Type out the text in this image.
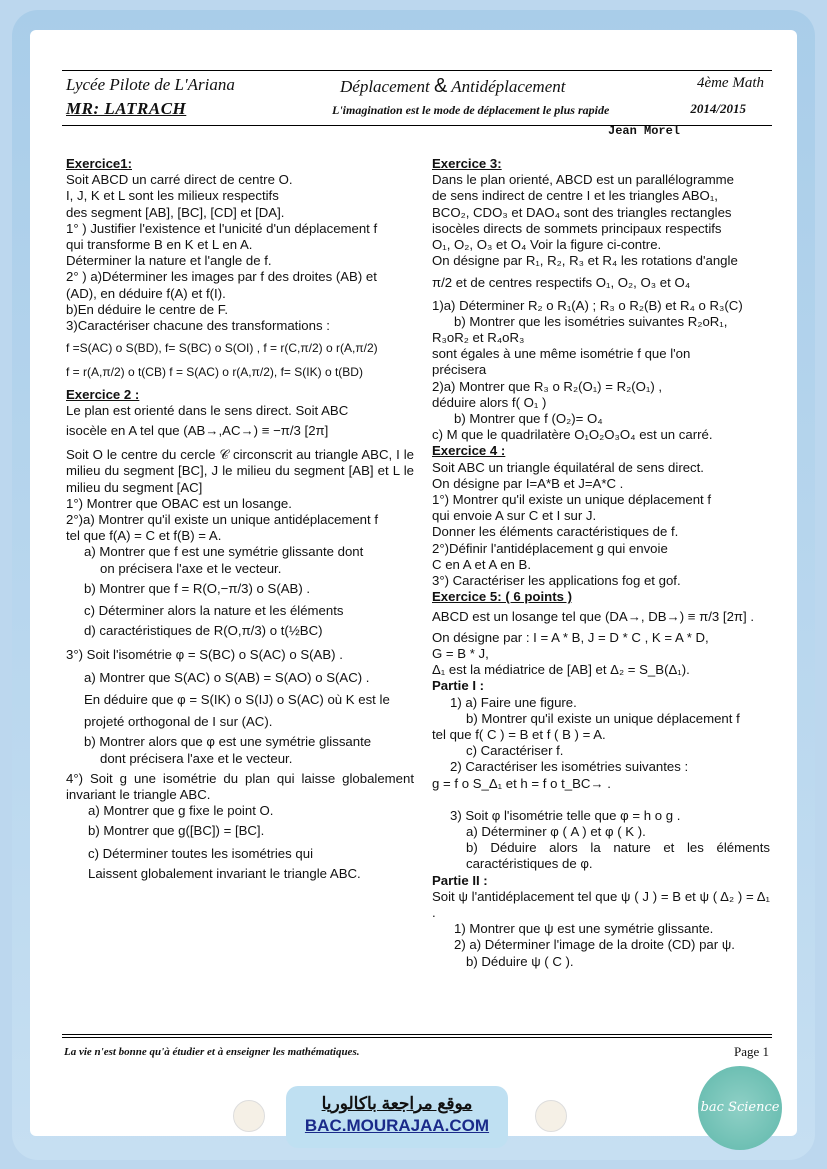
Lycée Pilote de L'Ariana	Déplacement & Antidéplacement	4ème Math
MR: LATRACH	L'imagination est le mode de déplacement le plus rapide	2014/2015
Jean Morel
Exercice1:
Soit ABCD un carré direct de centre O.
I, J, K et L sont les milieux respectifs
des segment [AB], [BC], [CD] et [DA].
1° ) Justifier l'existence et l'unicité d'un déplacement f
qui transforme B en K et L en A.
Déterminer la nature et l'angle de f.
2° ) a)Déterminer les images par f des droites (AB) et
(AD), en déduire f(A) et f(I).
b)En déduire le centre de F.
3)Caractériser chacune des transformations :
f =S(AC) o S(BD), f= S(BC) o S(OI) , f = r(C,π/2) o r(A,π/2)
f = r(A,π/2) o t(CB) f = S(AC) o r(A,π/2), f= S(IK) o t(BD)
Exercice 2 :
Le plan est orienté dans le sens direct. Soit ABC
isocèle en A tel que (AB→,AC→) ≡ −π/3 [2π]
Soit O le centre du cercle 𝒞 circonscrit au triangle ABC, I le milieu du segment [BC], J le milieu du segment [AB] et L le milieu du segment [AC]
1°) Montrer que OBAC est un losange.
2°)a) Montrer qu'il existe un unique antidéplacement f
tel que f(A) = C et f(B) = A.
a) Montrer que f est une symétrie glissante dont
on précisera l'axe et le vecteur.
b) Montrer que f = R(O,−π/3) o S(AB) .
c) Déterminer alors la nature et les éléments
d) caractéristiques de R(O,π/3) o t(½BC)
3°) Soit l'isométrie φ = S(BC) o S(AC) o S(AB) .
a) Montrer que S(AC) o S(AB) = S(AO) o S(AC) .
En déduire que φ = S(IK) o S(IJ) o S(AC) où K est le
projeté orthogonal de I sur (AC).
b) Montrer alors que φ est une symétrie glissante
dont précisera l'axe et le vecteur.
4°) Soit g une isométrie du plan qui laisse globalement invariant le triangle ABC.
a) Montrer que g fixe le point O.
b) Montrer que g([BC]) = [BC].
c) Déterminer toutes les isométries qui
Laissent globalement invariant le triangle ABC.
Exercice 3:
Dans le plan orienté, ABCD est un parallélogramme
de sens indirect de centre I et les triangles ABO₁,
BCO₂, CDO₃ et DAO₄ sont des triangles rectangles
isocèles directs de sommets principaux respectifs
O₁, O₂, O₃ et O₄ Voir la figure ci-contre.
On désigne par R₁, R₂, R₃ et R₄ les rotations d'angle
π/2 et de centres respectifs O₁, O₂, O₃ et O₄
1)a) Déterminer R₂ o R₁(A) ; R₃ o R₂(B) et R₄ o R₃(C)
b) Montrer que les isométries suivantes R₂oR₁,
R₃oR₂ et R₄oR₃
sont égales à une même isométrie f que l'on
précisera
2)a) Montrer que R₃ o R₂(O₁) = R₂(O₁) ,
déduire alors f( O₁ )
b) Montrer que f (O₂)= O₄
c) M que le quadrilatère O₁O₂O₃O₄ est un carré.
Exercice 4 :
Soit ABC un triangle équilatéral de sens direct.
On désigne par I=A*B et J=A*C .
1°) Montrer qu'il existe un unique déplacement f
qui envoie A sur C et I sur J.
Donner les éléments caractéristiques de f.
2°)Définir l'antidéplacement g qui envoie
C en A et A en B.
3°) Caractériser les applications fog et gof.
Exercice 5: ( 6 points )
ABCD est un losange tel que (DA→, DB→) ≡ π/3 [2π] .
On désigne par : I = A * B, J = D * C , K = A * D,
G = B * J,
Δ₁ est la médiatrice de [AB] et Δ₂ = S_B(Δ₁).
Partie I :
1) a) Faire une figure.
b) Montrer qu'il existe un unique déplacement f
tel que f( C ) = B et f ( B ) = A.
c) Caractériser f.
2) Caractériser les isométries suivantes :
g = f o S_Δ₁ et h = f o t_BC→ .
3) Soit φ l'isométrie telle que φ = h o g .
a) Déterminer φ ( A ) et φ ( K ).
b) Déduire alors la nature et les éléments caractéristiques de φ.
Partie II :
Soit ψ l'antidéplacement tel que ψ ( J ) = B et ψ ( Δ₂ ) = Δ₁ .
1) Montrer que ψ est une symétrie glissante.
2) a) Déterminer l'image de la droite (CD) par ψ.
b) Déduire ψ ( C ).
La vie n'est bonne qu'à étudier et à enseigner les mathématiques.	Page 1
موقع مراجعة باكالوريا
BAC.MOURAJAA.COM
bac Science
